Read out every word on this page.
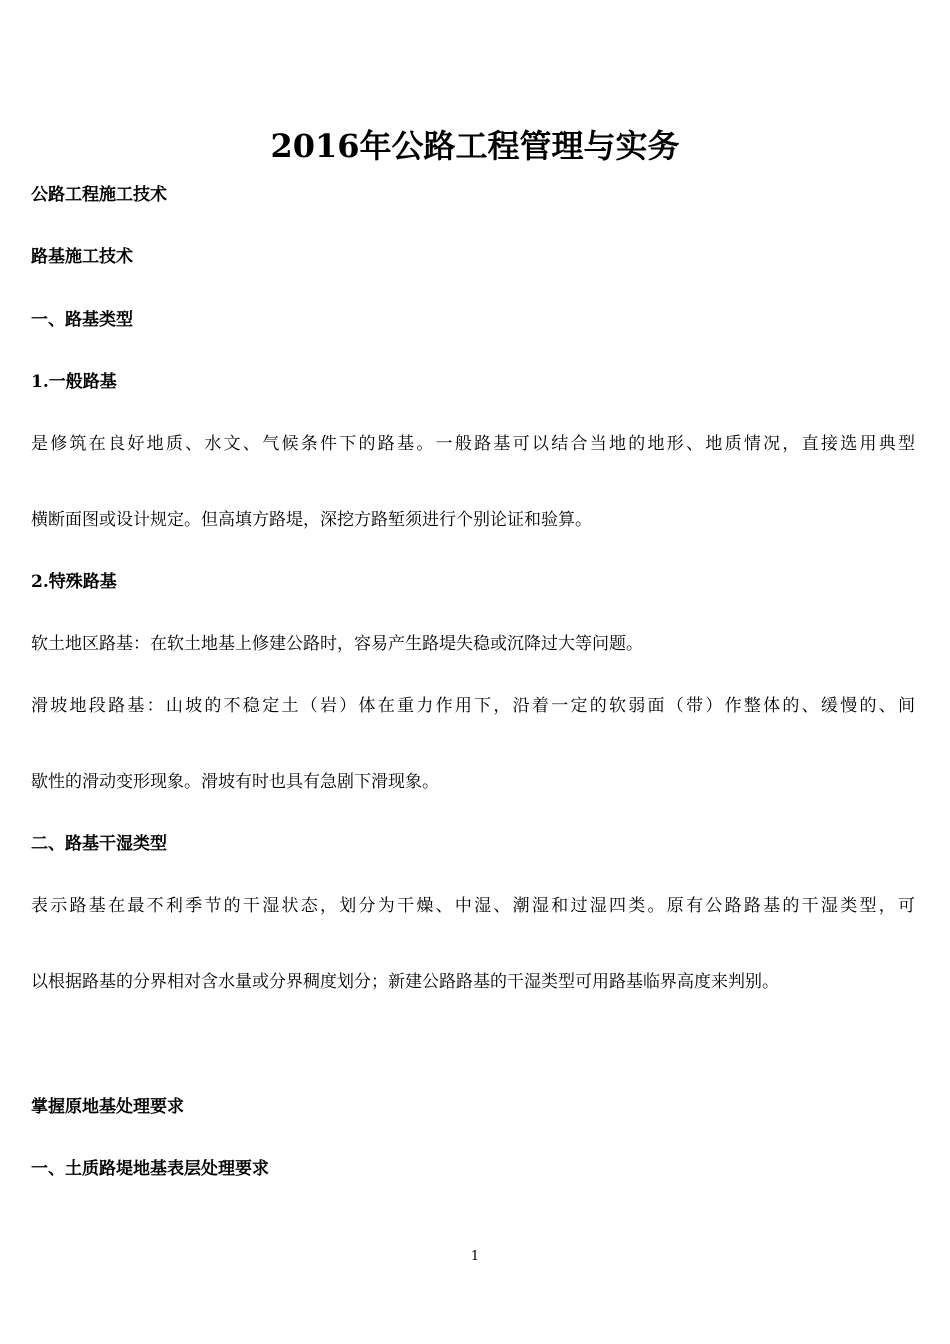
2016年公路工程管理与实务
公路工程施工技术
路基施工技术
一、路基类型
1.一般路基
是修筑在良好地质、水文、气候条件下的路基。一般路基可以结合当地的地形、地质情况，直接选用典型
横断面图或设计规定。但高填方路堤，深挖方路堑须进行个别论证和验算。
2.特殊路基
软土地区路基：在软土地基上修建公路时，容易产生路堤失稳或沉降过大等问题。
滑坡地段路基：山坡的不稳定土（岩）体在重力作用下，沿着一定的软弱面（带）作整体的、缓慢的、间
歇性的滑动变形现象。滑坡有时也具有急剧下滑现象。
二、路基干湿类型
表示路基在最不利季节的干湿状态，划分为干燥、中湿、潮湿和过湿四类。原有公路路基的干湿类型，可
以根据路基的分界相对含水量或分界稠度划分；新建公路路基的干湿类型可用路基临界高度来判别。
掌握原地基处理要求
一、土质路堤地基表层处理要求
1
